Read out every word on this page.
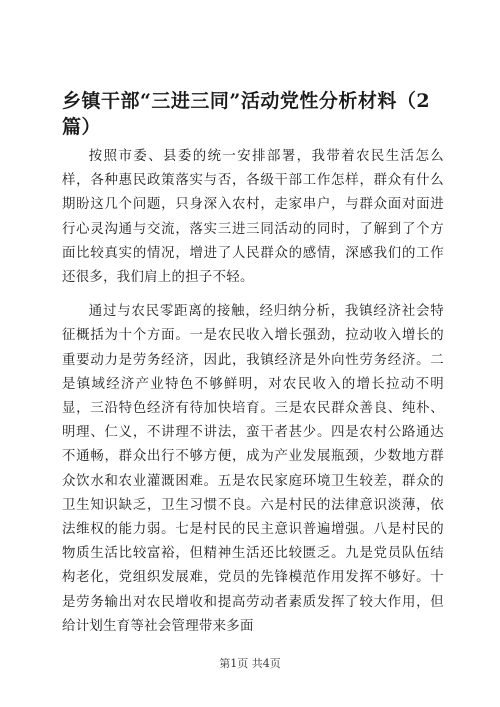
乡镇干部“三进三同”活动党性分析材料（2篇）

按照市委、县委的统一安排部署，我带着农民生活怎么样，各种惠民政策落实与否，各级干部工作怎样，群众有什么期盼这几个问题，只身深入农村，走家串户，与群众面对面进行心灵沟通与交流，落实三进三同活动的同时，了解到了个方面比较真实的情况，增进了人民群众的感情，深感我们的工作还很多，我们肩上的担子不轻。

通过与农民零距离的接触，经归纳分析，我镇经济社会特征概括为十个方面。一是农民收入增长强劲，拉动收入增长的重要动力是劳务经济，因此，我镇经济是外向性劳务经济。二是镇域经济产业特色不够鲜明，对农民收入的增长拉动不明显，三沿特色经济有待加快培育。三是农民群众善良、纯朴、明理、仁义，不讲理不讲法，蛮干者甚少。四是农村公路通达不通畅，群众出行不够方便，成为产业发展瓶颈，少数地方群众饮水和农业灌溉困难。五是农民家庭环境卫生较差，群众的卫生知识缺乏，卫生习惯不良。六是村民的法律意识淡薄，依法维权的能力弱。七是村民的民主意识普遍增强。八是村民的物质生活比较富裕，但精神生活还比较匮乏。九是党员队伍结构老化，党组织发展难，党员的先锋模范作用发挥不够好。十是劳务输出对农民增收和提高劳动者素质发挥了较大作用，但给计划生育等社会管理带来多面

第1页 共4页
